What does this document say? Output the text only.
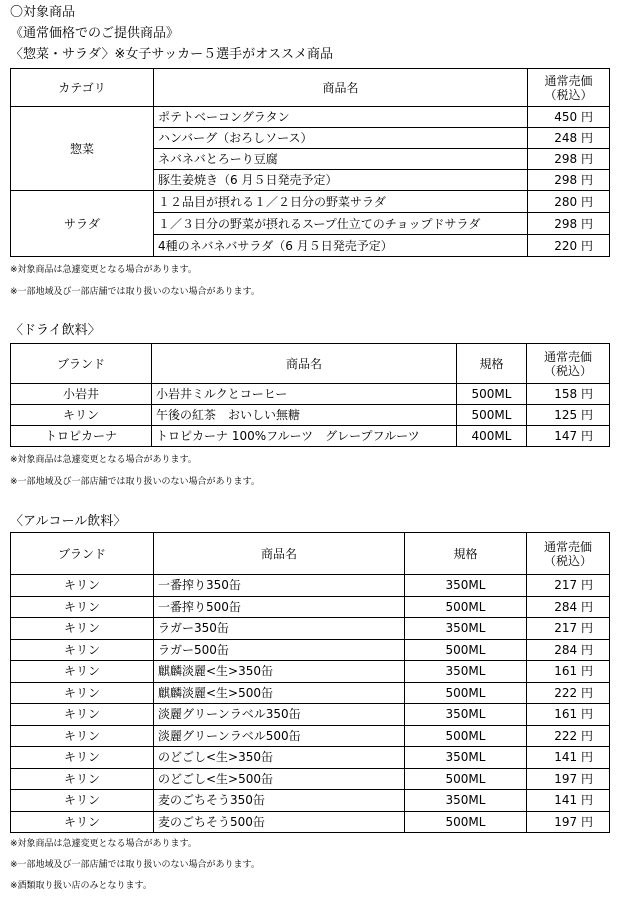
〇対象商品
《通常価格でのご提供商品》
〈惣菜・サラダ〉※女子サッカー５選手がオススメ商品
カテゴリ	商品名	通常売価
（税込）
惣菜	ポテトベーコングラタン	450 円
	ハンバーグ（おろしソース）	248 円
	ネバネバとろーり豆腐	298 円
	豚生姜焼き（6 月５日発売予定）	298 円
サラダ	１２品目が摂れる１／２日分の野菜サラダ	280 円
	１／３日分の野菜が摂れるスープ仕立てのチョップドサラダ	298 円
	4種のネバネバサラダ（6 月５日発売予定）	220 円
※対象商品は急遽変更となる場合があります。
※一部地域及び一部店舗では取り扱いのない場合があります。
〈ドライ飲料〉
ブランド	商品名	規格	通常売価
（税込）
小岩井	小岩井ミルクとコーヒー	500ML	158 円
キリン	午後の紅茶　おいしい無糖	500ML	125 円
トロピカーナ	トロピカーナ 100%フルーツ　グレープフルーツ	400ML	147 円
※対象商品は急遽変更となる場合があります。
※一部地域及び一部店舗では取り扱いのない場合があります。
〈アルコール飲料〉
ブランド	商品名	規格	通常売価
（税込）
キリン	一番搾り350缶	350ML	217 円
キリン	一番搾り500缶	500ML	284 円
キリン	ラガー350缶	350ML	217 円
キリン	ラガー500缶	500ML	284 円
キリン	麒麟淡麗<生>350缶	350ML	161 円
キリン	麒麟淡麗<生>500缶	500ML	222 円
キリン	淡麗グリーンラベル350缶	350ML	161 円
キリン	淡麗グリーンラベル500缶	500ML	222 円
キリン	のどごし<生>350缶	350ML	141 円
キリン	のどごし<生>500缶	500ML	197 円
キリン	麦のごちそう350缶	350ML	141 円
キリン	麦のごちそう500缶	500ML	197 円
※対象商品は急遽変更となる場合があります。
※一部地域及び一部店舗では取り扱いのない場合があります。
※酒類取り扱い店のみとなります。
